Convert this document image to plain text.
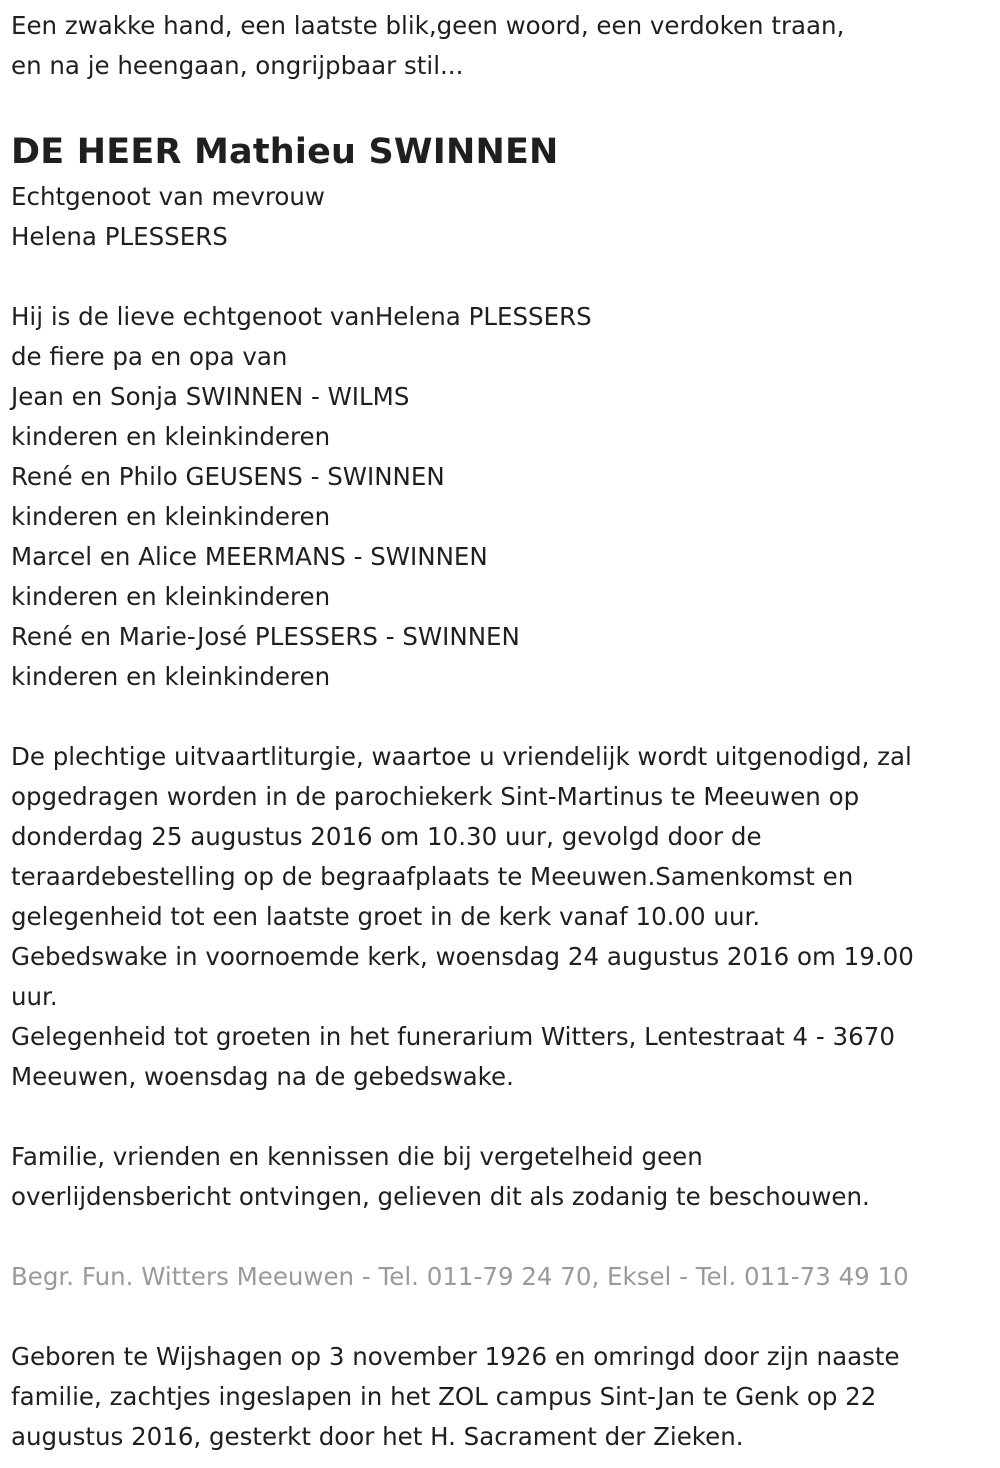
Een zwakke hand, een laatste blik,geen woord, een verdoken traan,
en na je heengaan, ongrijpbaar stil...
DE HEER Mathieu SWINNEN
Echtgenoot van mevrouw
Helena PLESSERS
Hij is de lieve echtgenoot vanHelena PLESSERS
de fiere pa en opa van
Jean en Sonja SWINNEN - WILMS
kinderen en kleinkinderen
René en Philo GEUSENS - SWINNEN
kinderen en kleinkinderen
Marcel en Alice MEERMANS - SWINNEN
kinderen en kleinkinderen
René en Marie-José PLESSERS - SWINNEN
kinderen en kleinkinderen
De plechtige uitvaartliturgie, waartoe u vriendelijk wordt uitgenodigd, zal
opgedragen worden in de parochiekerk Sint-Martinus te Meeuwen op
donderdag 25 augustus 2016 om 10.30 uur, gevolgd door de
teraardebestelling op de begraafplaats te Meeuwen.Samenkomst en
gelegenheid tot een laatste groet in de kerk vanaf 10.00 uur.
Gebedswake in voornoemde kerk, woensdag 24 augustus 2016 om 19.00
uur.
Gelegenheid tot groeten in het funerarium Witters, Lentestraat 4 - 3670
Meeuwen, woensdag na de gebedswake.
Familie, vrienden en kennissen die bij vergetelheid geen
overlijdensbericht ontvingen, gelieven dit als zodanig te beschouwen.
Begr. Fun. Witters Meeuwen - Tel. 011-79 24 70, Eksel - Tel. 011-73 49 10
Geboren te Wijshagen op 3 november 1926 en omringd door zijn naaste
familie, zachtjes ingeslapen in het ZOL campus Sint-Jan te Genk op 22
augustus 2016, gesterkt door het H. Sacrament der Zieken.
